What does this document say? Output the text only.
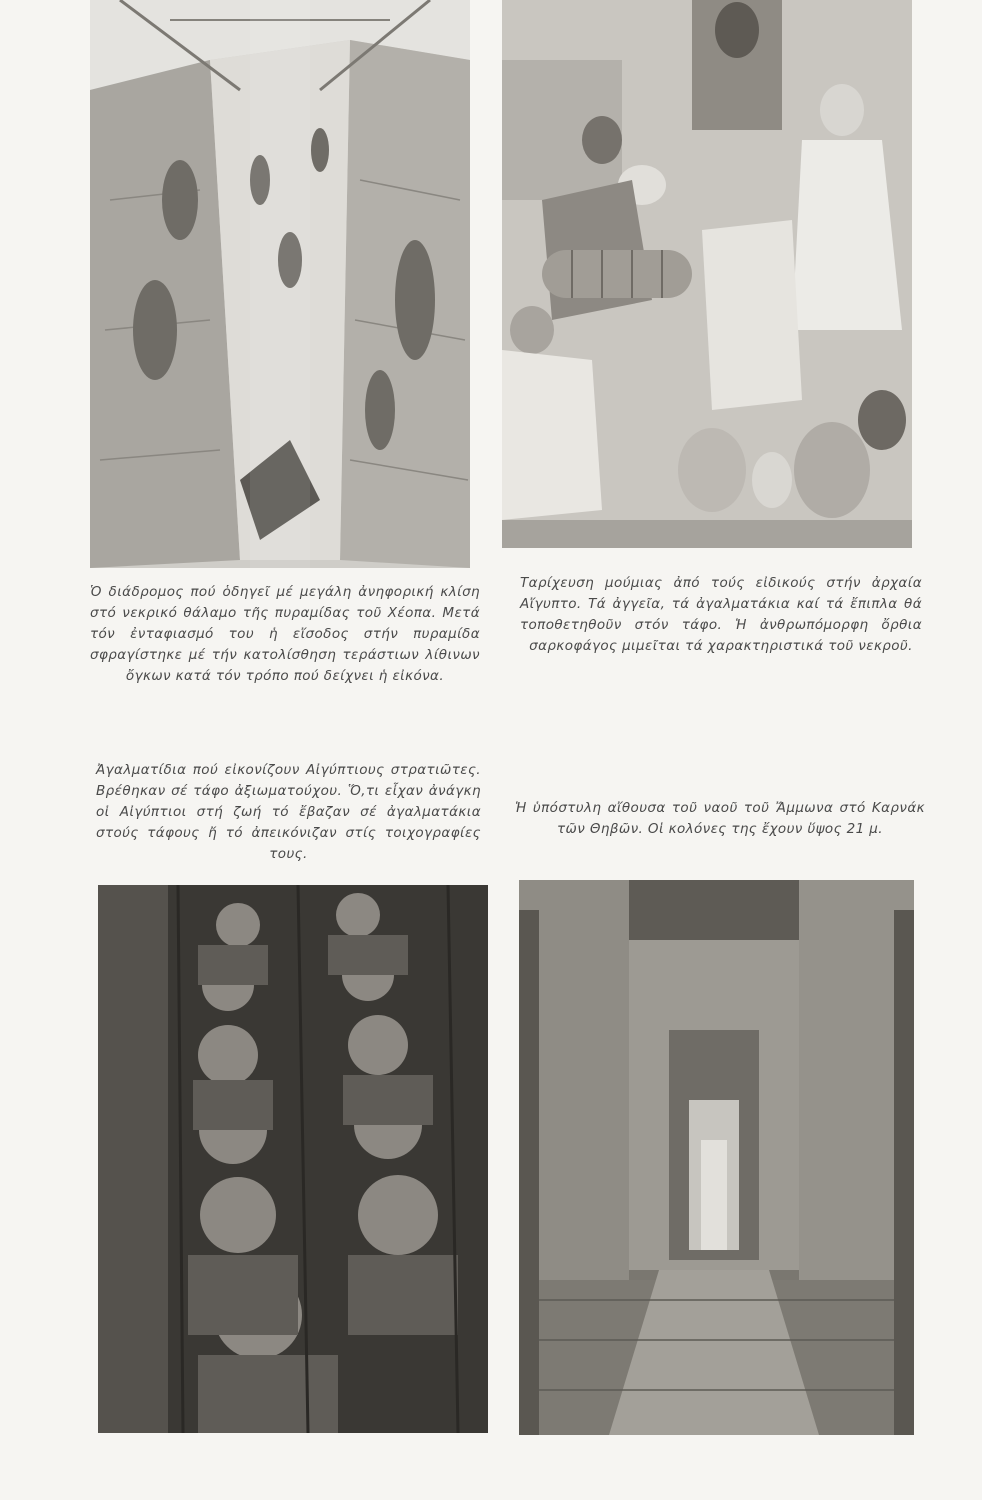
Ὁ διάδρομος πού ὁδηγεῖ μέ μεγάλη ἀνηφορική κλίση στό νεκρικό θάλαμο τῆς πυραμίδας τοῦ Χέοπα. Μετά τόν ἐνταφιασμό του ἡ εἴσοδος στήν πυραμίδα σφραγίστηκε μέ τήν κατολίσθηση τεράστιων λίθινων ὄγκων κατά τόν τρόπο πού δείχνει ἡ εἰκόνα.
Ταρίχευση μούμιας ἀπό τούς εἰδικούς στήν ἀρχαία Αἴγυπτο. Τά ἀγγεῖα, τά ἀγαλματάκια καί τά ἔπιπλα θά τοποθετηθοῦν στόν τάφο. Ἡ ἀνθρωπόμορφη ὄρθια σαρκοφάγος μιμεῖται τά χαρακτηριστικά τοῦ νεκροῦ.
Ἀγαλματίδια πού εἰκονίζουν Αἰγύπτιους στρατιῶτες. Βρέθηκαν σέ τάφο ἀξιωματούχου. Ὅ,τι εἶχαν ἀνάγκη οἱ Αἰγύπτιοι στή ζωή τό ἔβαζαν σέ ἀγαλματάκια στούς τάφους ἤ τό ἀπεικόνιζαν στίς τοιχογραφίες τους.
Ἡ ὑπόστυλη αἴθουσα τοῦ ναοῦ τοῦ Ἄμμωνα στό Καρνάκ τῶν Θηβῶν. Οἱ κολόνες της ἔχουν ὕψος 21 μ.
